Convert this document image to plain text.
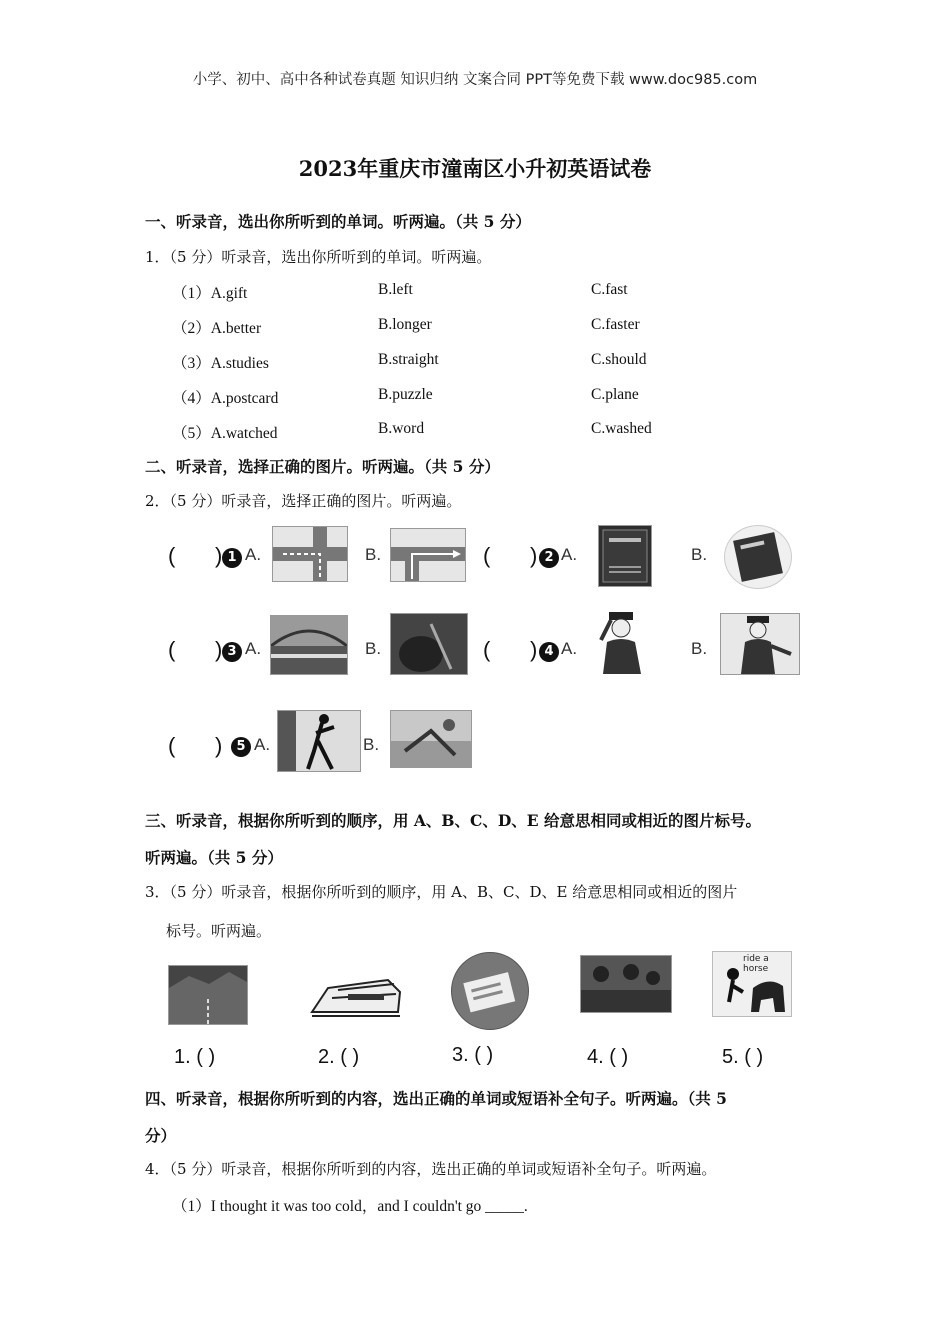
小学、初中、高中各种试卷真题 知识归纳 文案合同 PPT等免费下载 www.doc985.com
2023年重庆市潼南区小升初英语试卷
一、听录音，选出你所听到的单词。听两遍。（共 5 分）
1．（5 分）听录音，选出你所听到的单词。听两遍。
（1）A.gift	B.left	C.fast
（2）A.better	B.longer	C.faster
（3）A.studies	B.straight	C.should
（4）A.postcard	B.puzzle	C.plane
（5）A.watched	B.word	C.washed
二、听录音，选择正确的图片。听两遍。（共 5 分）
2．（5 分）听录音，选择正确的图片。听两遍。
( ) 1 A.	B.	( ) 2 A.	B.
( ) 3 A.	B.	( ) 4 A.	B.
( )	5 A.	B.
三、听录音，根据你所听到的顺序，用 A、B、C、D、E 给意思相同或相近的图片标号。
听两遍。（共 5 分）
3．（5 分）听录音，根据你所听到的顺序，用 A、B、C、D、E 给意思相同或相近的图片
标号。听两遍。
ride a horse
1. ( )	2. ( )	3. ( )	4. ( )	5. ( )
四、听录音，根据你所听到的内容，选出正确的单词或短语补全句子。听两遍。（共 5
分）
4．（5 分）听录音，根据你所听到的内容，选出正确的单词或短语补全句子。听两遍。
（1）I thought it was too cold，and I couldn't go _____.
